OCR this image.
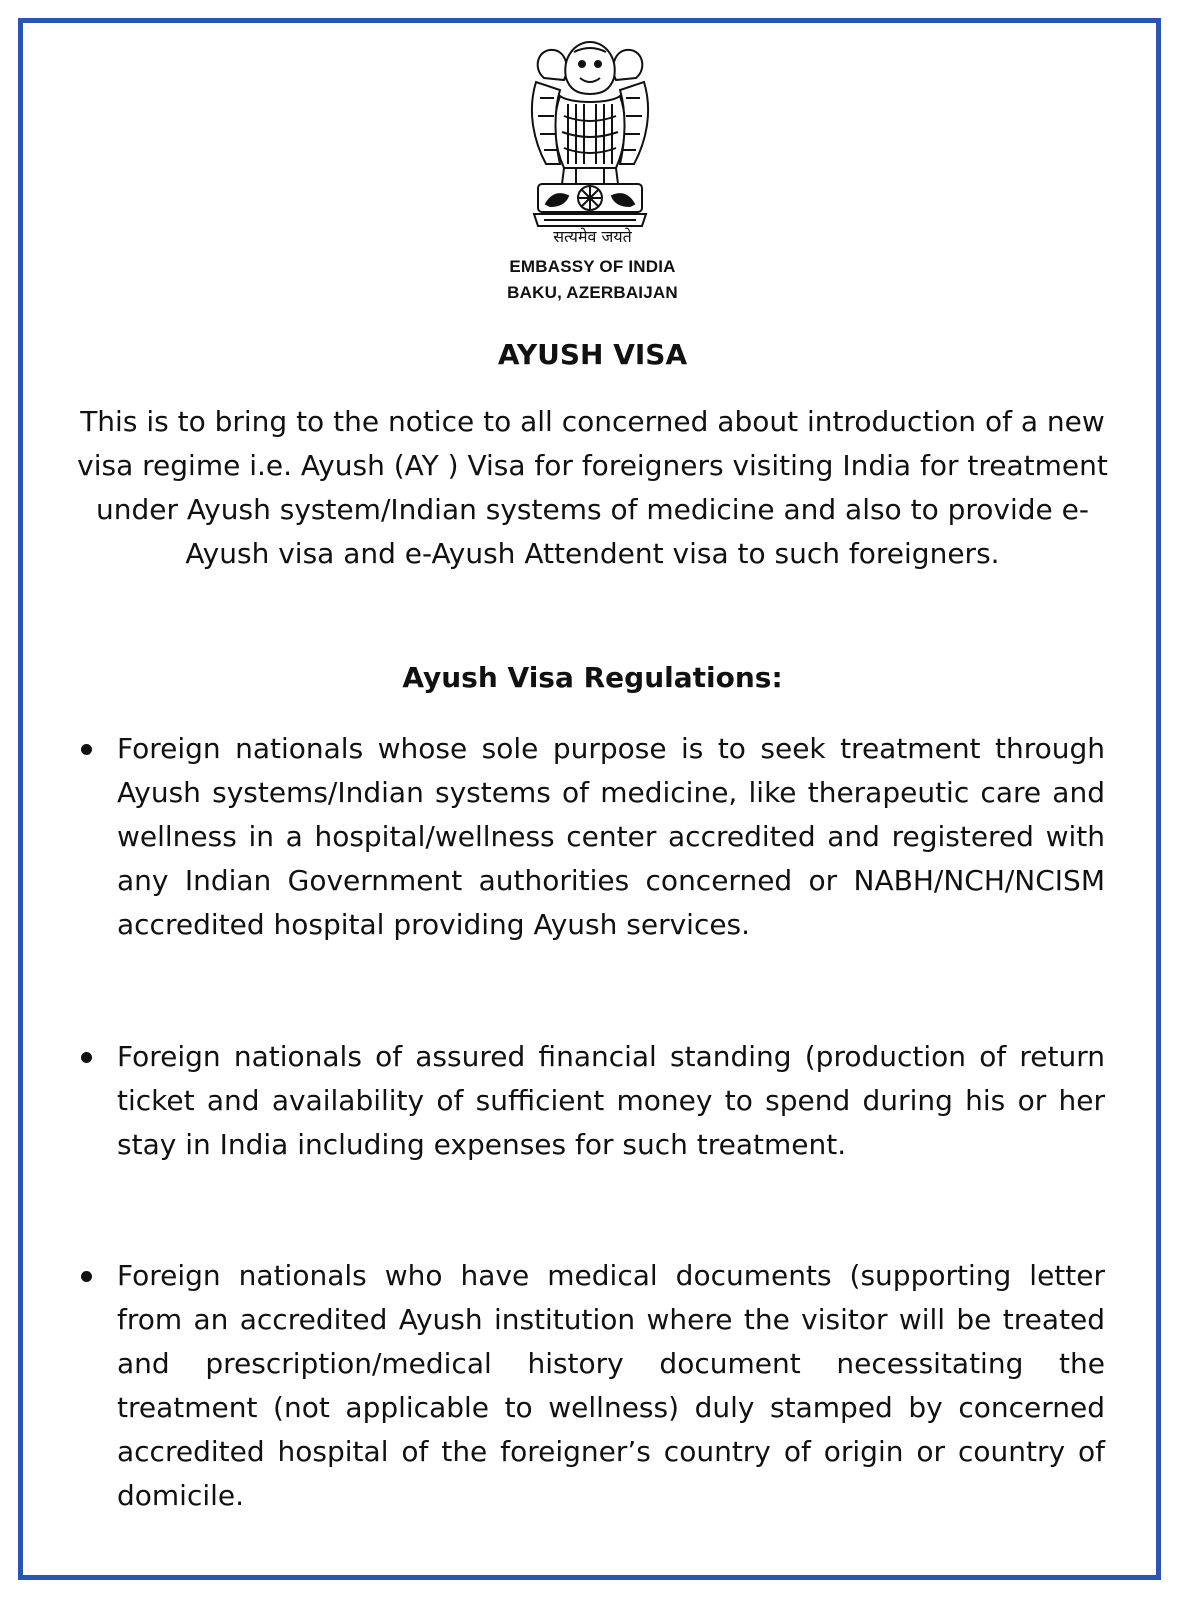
सत्यमेव जयते
EMBASSY OF INDIA
BAKU, AZERBAIJAN
AYUSH VISA

This is to bring to the notice to all concerned about introduction of a new visa regime i.e. Ayush (AY ) Visa for foreigners visiting India for treatment under Ayush system/Indian systems of medicine and also to provide e-Ayush visa and e-Ayush Attendent visa to such foreigners.

Ayush Visa Regulations:

Foreign nationals whose sole purpose is to seek treatment through Ayush systems/Indian systems of medicine, like therapeutic care and wellness in a hospital/wellness center accredited and registered with any Indian Government authorities concerned or NABH/NCH/NCISM accredited hospital providing Ayush services.

Foreign nationals of assured financial standing (production of return ticket and availability of sufficient money to spend during his or her stay in India including expenses for such treatment.

Foreign nationals who have medical documents (supporting letter from an accredited Ayush institution where the visitor will be treated and prescription/medical history document necessitating the treatment (not applicable to wellness) duly stamped by concerned accredited hospital of the foreigner’s country of origin or country of domicile.
